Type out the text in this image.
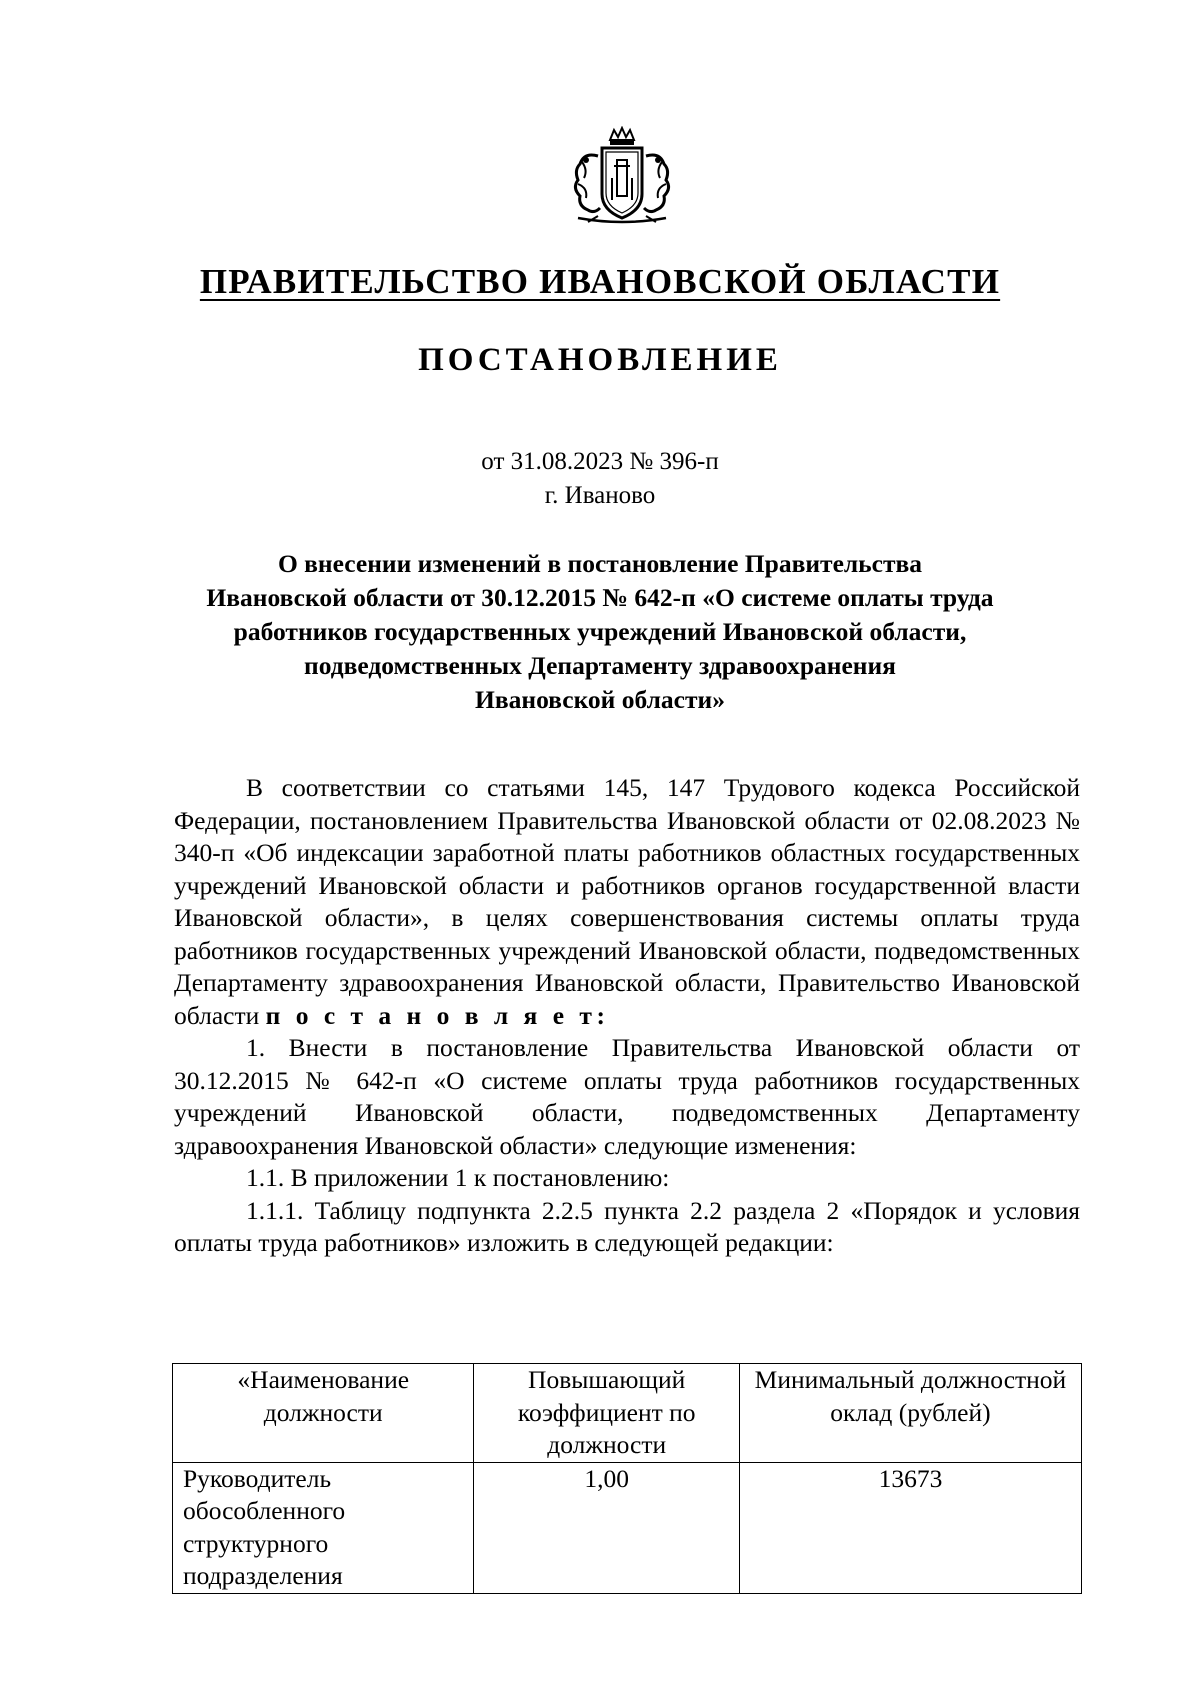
ПРАВИТЕЛЬСТВО ИВАНОВСКОЙ ОБЛАСТИ
ПОСТАНОВЛЕНИЕ
от 31.08.2023 № 396-п
г. Иваново
О внесении изменений в постановление Правительства
Ивановской области от 30.12.2015 № 642-п «О системе оплаты труда
работников государственных учреждений Ивановской области,
подведомственных Департаменту здравоохранения
Ивановской области»

В соответствии со статьями 145, 147 Трудового кодекса Российской Федерации, постановлением Правительства Ивановской области от 02.08.2023 № 340-п «Об индексации заработной платы работников областных государственных учреждений Ивановской области и работников органов государственной власти Ивановской области», в целях совершенствования системы оплаты труда работников государственных учреждений Ивановской области, подведомственных Департаменту здравоохранения Ивановской области, Правительство Ивановской области п о с т а н о в л я е т:

1. Внести в постановление Правительства Ивановской области от 30.12.2015 № 642-п «О системе оплаты труда работников государственных учреждений Ивановской области, подведомственных Департаменту здравоохранения Ивановской области» следующие изменения:

1.1. В приложении 1 к постановлению:

1.1.1. Таблицу подпункта 2.2.5 пункта 2.2 раздела 2 «Порядок и условия оплаты труда работников» изложить в следующей редакции:

«Наименование должности	Повышающий коэффициент по должности	Минимальный должностной оклад (рублей)
Руководитель обособленного структурного подразделения	1,00	13673
